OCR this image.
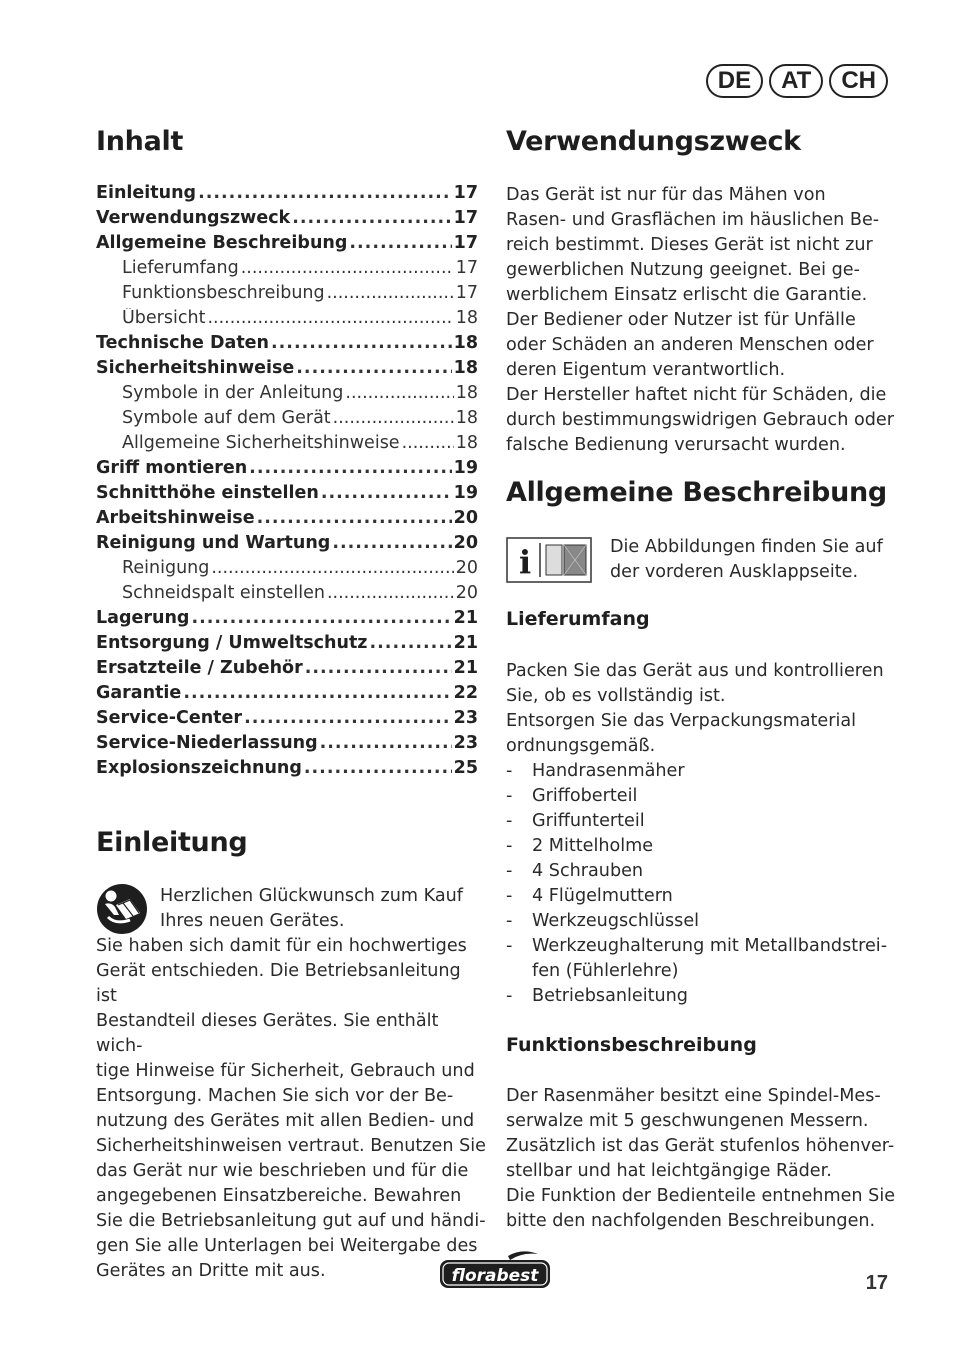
DE	AT	CH
Inhalt
Einleitung .....	17
Verwendungszweck .....	17
Allgemeine Beschreibung .....	17
Lieferumfang .....	17
Funktionsbeschreibung .....	17
Übersicht .....	18
Technische Daten .....	18
Sicherheitshinweise .....	18
Symbole in der Anleitung .....	18
Symbole auf dem Gerät .....	18
Allgemeine Sicherheitshinweise .....	18
Griff montieren .....	19
Schnitthöhe einstellen .....	19
Arbeitshinweise .....	20
Reinigung und Wartung .....	20
Reinigung .....	20
Schneidspalt einstellen .....	20
Lagerung .....	21
Entsorgung / Umweltschutz .....	21
Ersatzteile / Zubehör .....	21
Garantie .....	22
Service-Center .....	23
Service-Niederlassung .....	23
Explosionszeichnung .....	25
Einleitung

Herzlichen Glückwunsch zum Kauf

Ihres neuen Gerätes.

Sie haben sich damit für ein hochwertiges

Gerät entschieden. Die Betriebsanleitung ist

Bestandteil dieses Gerätes. Sie enthält wich-

tige Hinweise für Sicherheit, Gebrauch und

Entsorgung. Machen Sie sich vor der Be-

nutzung des Gerätes mit allen Bedien- und

Sicherheitshinweisen vertraut. Benutzen Sie

das Gerät nur wie beschrieben und für die

angegebenen Einsatzbereiche. Bewahren

Sie die Betriebsanleitung gut auf und händi-

gen Sie alle Unterlagen bei Weitergabe des

Gerätes an Dritte mit aus.

Verwendungszweck

Das Gerät ist nur für das Mähen von

Rasen- und Grasflächen im häuslichen Be-

reich bestimmt. Dieses Gerät ist nicht zur

gewerblichen Nutzung geeignet. Bei ge-

werblichem Einsatz erlischt die Garantie.

Der Bediener oder Nutzer ist für Unfälle

oder Schäden an anderen Menschen oder

deren Eigentum verantwortlich.

Der Hersteller haftet nicht für Schäden, die

durch bestimmungswidrigen Gebrauch oder

falsche Bedienung verursacht wurden.

Allgemeine Beschreibung
i	Die Abbildungen finden Sie auf

der vorderen Ausklappseite.

Lieferumfang

Packen Sie das Gerät aus und kontrollieren

Sie, ob es vollständig ist.

Entsorgen Sie das Verpackungsmaterial

ordnungsgemäß.

- Handrasenmäher
- Griffoberteil
- Griffunterteil
- 2 Mittelholme
- 4 Schrauben
- 4 Flügelmuttern
- Werkzeugschlüssel
- Werkzeughalterung mit Metallbandstrei-

fen (Fühlerlehre)

- Betriebsanleitung
Funktionsbeschreibung

Der Rasenmäher besitzt eine Spindel-Mes-

serwalze mit 5 geschwungenen Messern.

Zusätzlich ist das Gerät stufenlos höhenver-

stellbar und hat leichtgängige Räder.

Die Funktion der Bedienteile entnehmen Sie

bitte den nachfolgenden Beschreibungen.

florabest	17
